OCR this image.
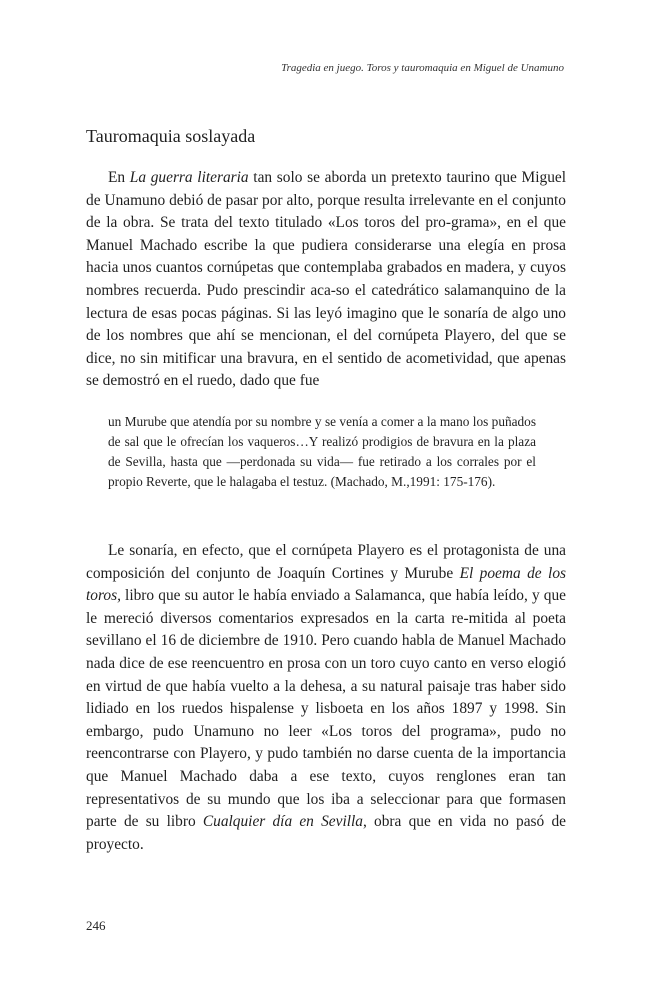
Tragedia en juego. Toros y tauromaquia en Miguel de Unamuno
Tauromaquia soslayada

En La guerra literaria tan solo se aborda un pretexto taurino que Miguel de Unamuno debió de pasar por alto, porque resulta irrelevante en el conjunto de la obra. Se trata del texto titulado «Los toros del pro-grama», en el que Manuel Machado escribe la que pudiera considerarse una elegía en prosa hacia unos cuantos cornúpetas que contemplaba grabados en madera, y cuyos nombres recuerda. Pudo prescindir aca-so el catedrático salamanquino de la lectura de esas pocas páginas. Si las leyó imagino que le sonaría de algo uno de los nombres que ahí se mencionan, el del cornúpeta Playero, del que se dice, no sin mitificar una bravura, en el sentido de acometividad, que apenas se demostró en el ruedo, dado que fue

un Murube que atendía por su nombre y se venía a comer a la mano los puñados de sal que le ofrecían los vaqueros…Y realizó prodigios de bravura en la plaza de Sevilla, hasta que —perdonada su vida— fue retirado a los corrales por el propio Reverte, que le halagaba el testuz. (Machado, M.,1991: 175-176).

Le sonaría, en efecto, que el cornúpeta Playero es el protagonista de una composición del conjunto de Joaquín Cortines y Murube El poema de los toros, libro que su autor le había enviado a Salamanca, que había leído, y que le mereció diversos comentarios expresados en la carta re-mitida al poeta sevillano el 16 de diciembre de 1910. Pero cuando habla de Manuel Machado nada dice de ese reencuentro en prosa con un toro cuyo canto en verso elogió en virtud de que había vuelto a la dehesa, a su natural paisaje tras haber sido lidiado en los ruedos hispalense y lisboeta en los años 1897 y 1998. Sin embargo, pudo Unamuno no leer «Los toros del programa», pudo no reencontrarse con Playero, y pudo también no darse cuenta de la importancia que Manuel Machado daba a ese texto, cuyos renglones eran tan representativos de su mundo que los iba a seleccionar para que formasen parte de su libro Cualquier día en Sevilla, obra que en vida no pasó de proyecto.

246
